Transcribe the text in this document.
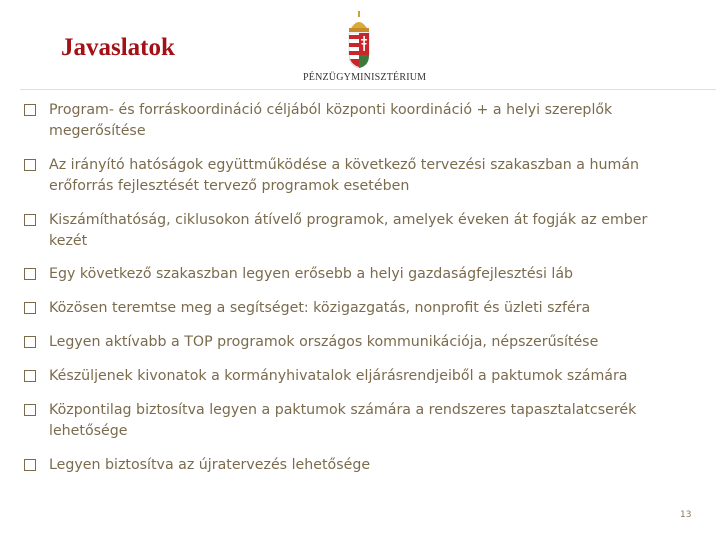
Javaslatok
PÉNZÜGYMINISZTÉRIUM
Program- és forráskoordináció céljából központi koordináció + a helyi szereplők megerősítése
Az irányító hatóságok együttműködése a következő tervezési szakaszban a humán erőforrás fejlesztését tervező programok esetében
Kiszámíthatóság, ciklusokon átívelő programok, amelyek éveken át fogják az ember kezét
Egy következő szakaszban legyen erősebb a helyi gazdaságfejlesztési láb
Közösen teremtse meg a segítséget: közigazgatás, nonprofit és üzleti szféra
Legyen aktívabb a TOP programok országos kommunikációja, népszerűsítése
Készüljenek kivonatok a kormányhivatalok eljárásrendjeiből a paktumok számára
Központilag biztosítva legyen a paktumok számára a rendszeres tapasztalatcserék lehetősége
Legyen biztosítva az újratervezés lehetősége
13
